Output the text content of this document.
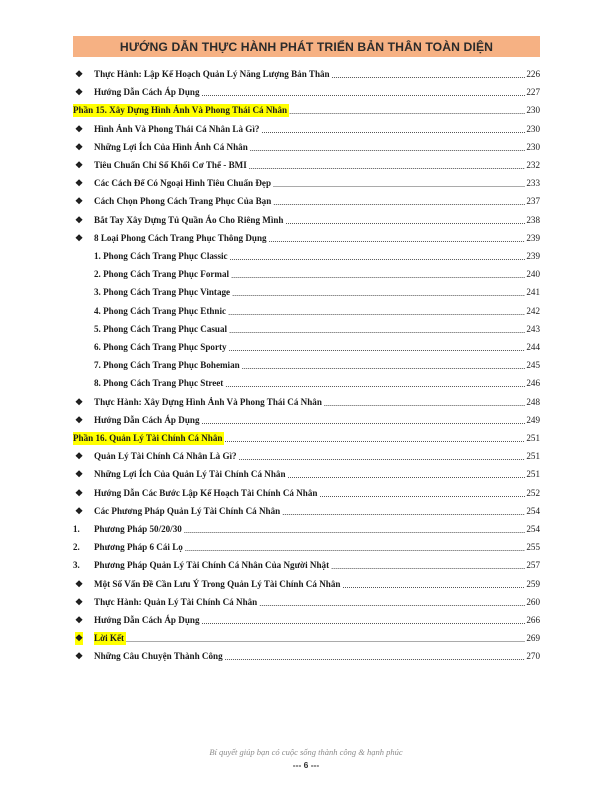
HƯỚNG DẪN THỰC HÀNH PHÁT TRIỂN BẢN THÂN TOÀN DIỆN
❖ Thực Hành: Lập Kế Hoạch Quản Lý Năng Lượng Bản Thân .....	226
❖ Hướng Dẫn Cách Áp Dụng .....	227
Phần 15. Xây Dựng Hình Ảnh Và Phong Thái Cá Nhân .....	230
❖ Hình Ảnh Và Phong Thái Cá Nhân Là Gì? .....	230
❖ Những Lợi Ích Của Hình Ảnh Cá Nhân .....	230
❖ Tiêu Chuẩn Chỉ Số Khối Cơ Thể - BMI .....	232
❖ Các Cách Để Có Ngoại Hình Tiêu Chuẩn Đẹp .....	233
❖ Cách Chọn Phong Cách Trang Phục Của Bạn .....	237
❖ Bắt Tay Xây Dựng Tủ Quần Áo Cho Riêng Mình .....	238
❖ 8 Loại Phong Cách Trang Phục Thông Dụng .....	239
1. Phong Cách Trang Phục Classic .....	239
2. Phong Cách Trang Phục Formal .....	240
3. Phong Cách Trang Phục Vintage .....	241
4. Phong Cách Trang Phục Ethnic .....	242
5. Phong Cách Trang Phục Casual .....	243
6. Phong Cách Trang Phục Sporty .....	244
7. Phong Cách Trang Phục Bohemian .....	245
8. Phong Cách Trang Phục Street .....	246
❖ Thực Hành: Xây Dựng Hình Ảnh Và Phong Thái Cá Nhân .....	248
❖ Hướng Dẫn Cách Áp Dụng .....	249
Phần 16. Quản Lý Tài Chính Cá Nhân .....	251
❖ Quản Lý Tài Chính Cá Nhân Là Gì? .....	251
❖ Những Lợi Ích Của Quản Lý Tài Chính Cá Nhân .....	251
❖ Hướng Dẫn Các Bước Lập Kế Hoạch Tài Chính Cá Nhân .....	252
❖ Các Phương Pháp Quản Lý Tài Chính Cá Nhân .....	254
1. Phương Pháp 50/20/30 .....	254
2. Phương Pháp 6 Cái Lọ .....	255
3. Phương Pháp Quản Lý Tài Chính Cá Nhân Của Người Nhật .....	257
❖ Một Số Vấn Đề Cần Lưu Ý Trong Quản Lý Tài Chính Cá Nhân .....	259
❖ Thực Hành: Quản Lý Tài Chính Cá Nhân .....	260
❖ Hướng Dẫn Cách Áp Dụng .....	266
❖ Lời Kết .....	269
❖ Những Câu Chuyện Thành Công .....	270
Bí quyết giúp bạn có cuộc sống thành công & hạnh phúc
--- 6 ---
